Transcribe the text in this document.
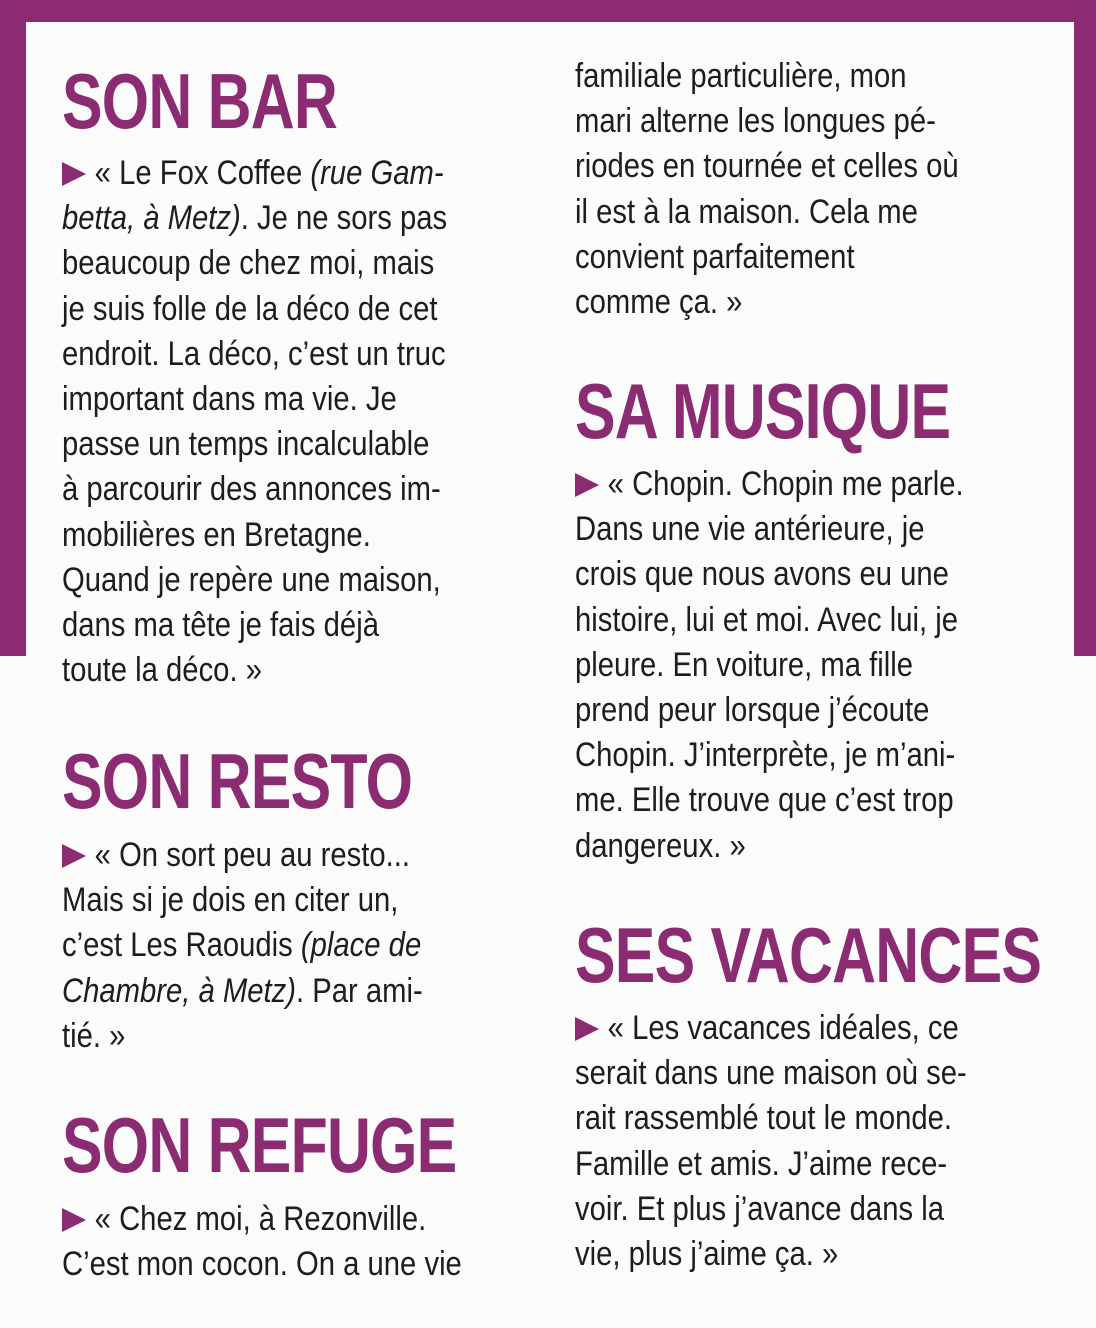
SON BAR
« Le Fox Coffee (rue Gam-
betta, à Metz). Je ne sors pas
beaucoup de chez moi, mais
je suis folle de la déco de cet
endroit. La déco, c’est un truc
important dans ma vie. Je
passe un temps incalculable
à parcourir des annonces im-
mobilières en Bretagne.
Quand je repère une maison,
dans ma tête je fais déjà
toute la déco. »
SON RESTO
« On sort peu au resto...
Mais si je dois en citer un,
c’est Les Raoudis (place de
Chambre, à Metz). Par ami-
tié. »
SON REFUGE
« Chez moi, à Rezonville.
C’est mon cocon. On a une vie
familiale particulière, mon
mari alterne les longues pé-
riodes en tournée et celles où
il est à la maison. Cela me
convient parfaitement
comme ça. »
SA MUSIQUE
« Chopin. Chopin me parle.
Dans une vie antérieure, je
crois que nous avons eu une
histoire, lui et moi. Avec lui, je
pleure. En voiture, ma fille
prend peur lorsque j’écoute
Chopin. J’interprète, je m’ani-
me. Elle trouve que c’est trop
dangereux. »
SES VACANCES
« Les vacances idéales, ce
serait dans une maison où se-
rait rassemblé tout le monde.
Famille et amis. J’aime rece-
voir. Et plus j’avance dans la
vie, plus j’aime ça. »
